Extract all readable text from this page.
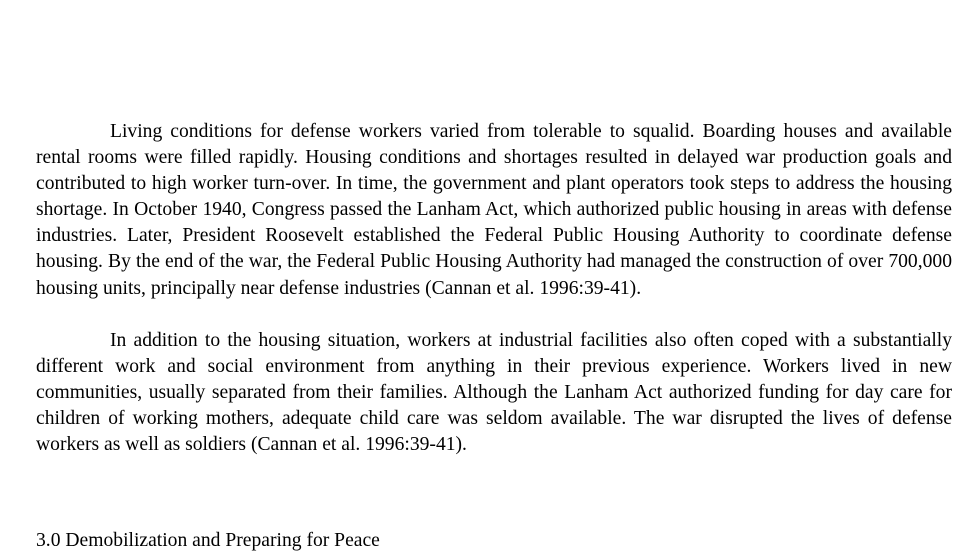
Living conditions for defense workers varied from tolerable to squalid. Boarding houses and available rental rooms were filled rapidly. Housing conditions and shortages resulted in delayed war production goals and contributed to high worker turn-over. In time, the government and plant operators took steps to address the housing shortage. In October 1940, Congress passed the Lanham Act, which authorized public housing in areas with defense industries. Later, President Roosevelt established the Federal Public Housing Authority to coordinate defense housing. By the end of the war, the Federal Public Housing Authority had managed the construction of over 700,000 housing units, principally near defense industries (Cannan et al. 1996:39-41).

In addition to the housing situation, workers at industrial facilities also often coped with a substantially different work and social environment from anything in their previous experience. Workers lived in new communities, usually separated from their families. Although the Lanham Act authorized funding for day care for children of working mothers, adequate child care was seldom available. The war disrupted the lives of defense workers as well as soldiers (Cannan et al. 1996:39-41).

3.0 Demobilization and Preparing for Peace
